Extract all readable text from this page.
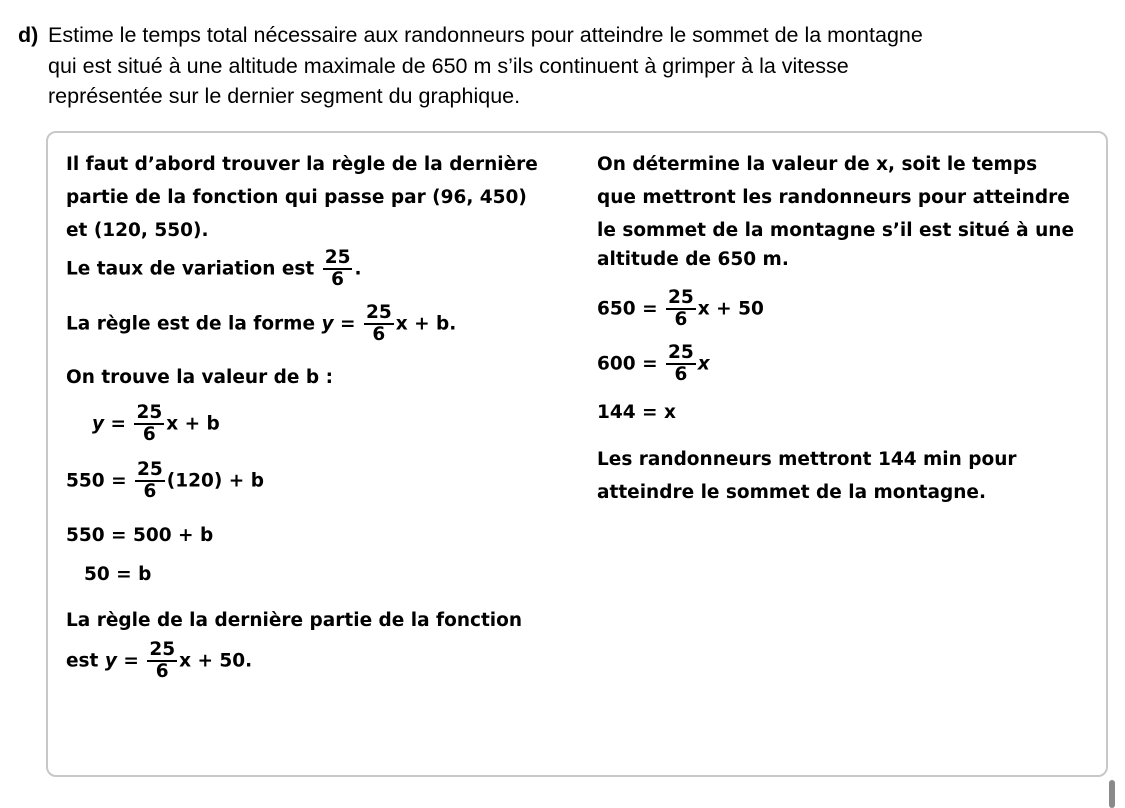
d) Estime le temps total nécessaire aux randonneurs pour atteindre le sommet de la montagne
qui est situé à une altitude maximale de 650 m s’ils continuent à grimper à la vitesse
représentée sur le dernier segment du graphique.
Il faut d’abord trouver la règle de la dernière
partie de la fonction qui passe par (96, 450)
et (120, 550).
Le taux de variation est $\frac{25}{6}$ .
La règle est de la forme $y = \frac{25}{6}$ x + b.
On trouve la valeur de b :
$y = \frac{25}{6}$ x + b
$550 = \frac{25}{6} (120) + b$
550 = 500 + b
50 = b
La règle de la dernière partie de la fonction
est $y = \frac{25}{6}$ x + 50.
On détermine la valeur de x, soit le temps
que mettront les randonneurs pour atteindre
le sommet de la montagne s’il est situé à une
altitude de 650 m.
$650 = \frac{25}{6}$ x + 50
$600 = \frac{25}{6}$ x
144 = x
Les randonneurs mettront 144 min pour
atteindre le sommet de la montagne.
